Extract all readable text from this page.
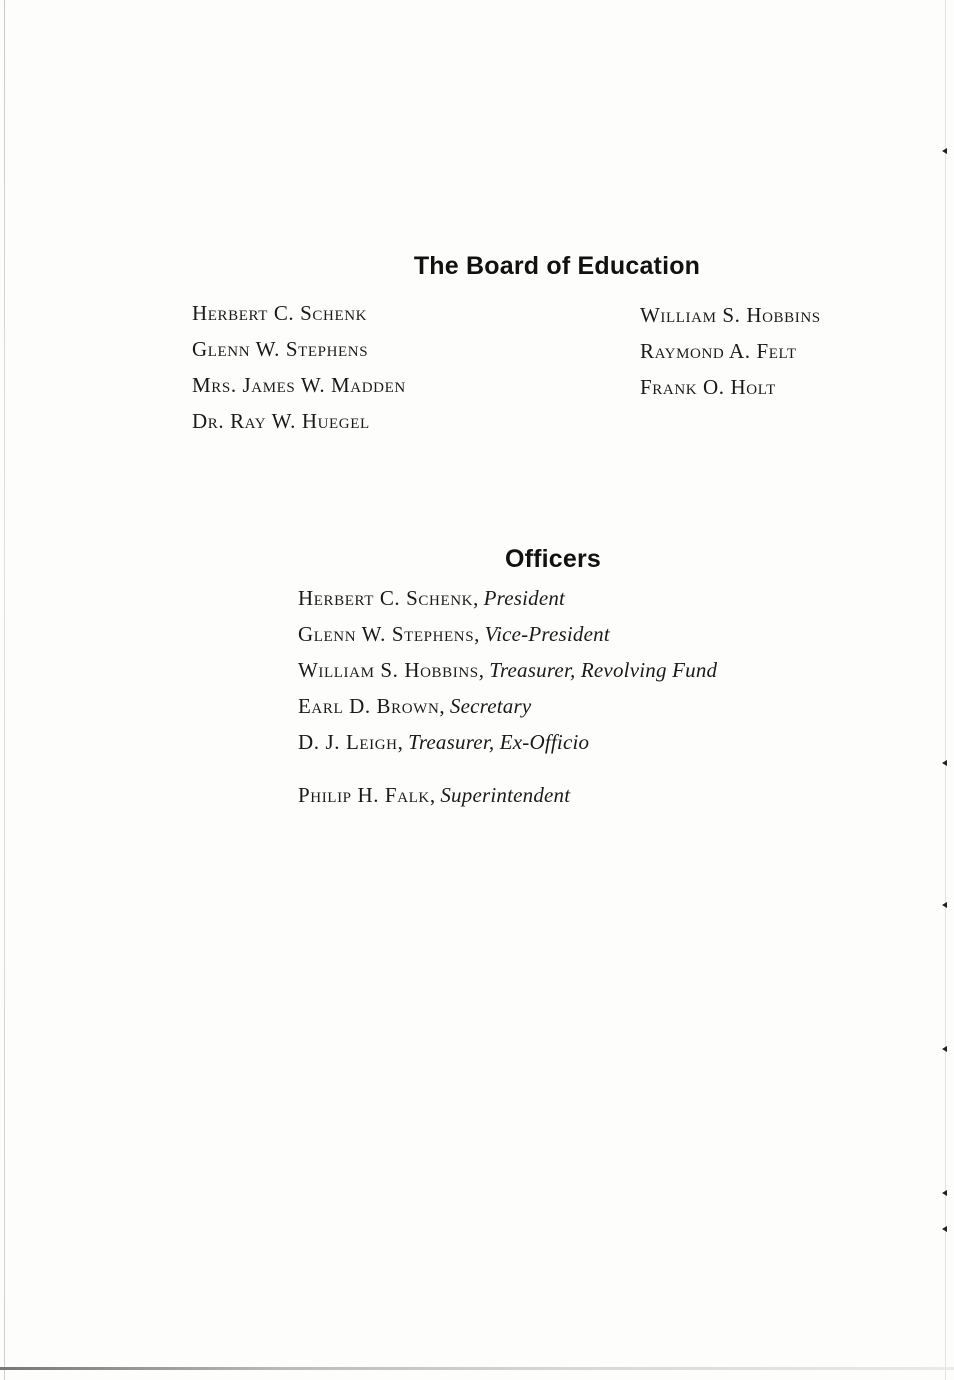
The Board of Education
Herbert C. Schenk
Glenn W. Stephens
Mrs. James W. Madden
Dr. Ray W. Huegel
William S. Hobbins
Raymond A. Felt
Frank O. Holt
Officers
Herbert C. Schenk, President
Glenn W. Stephens, Vice-President
William S. Hobbins, Treasurer, Revolving Fund
Earl D. Brown, Secretary
D. J. Leigh, Treasurer, Ex-Officio
Philip H. Falk, Superintendent
